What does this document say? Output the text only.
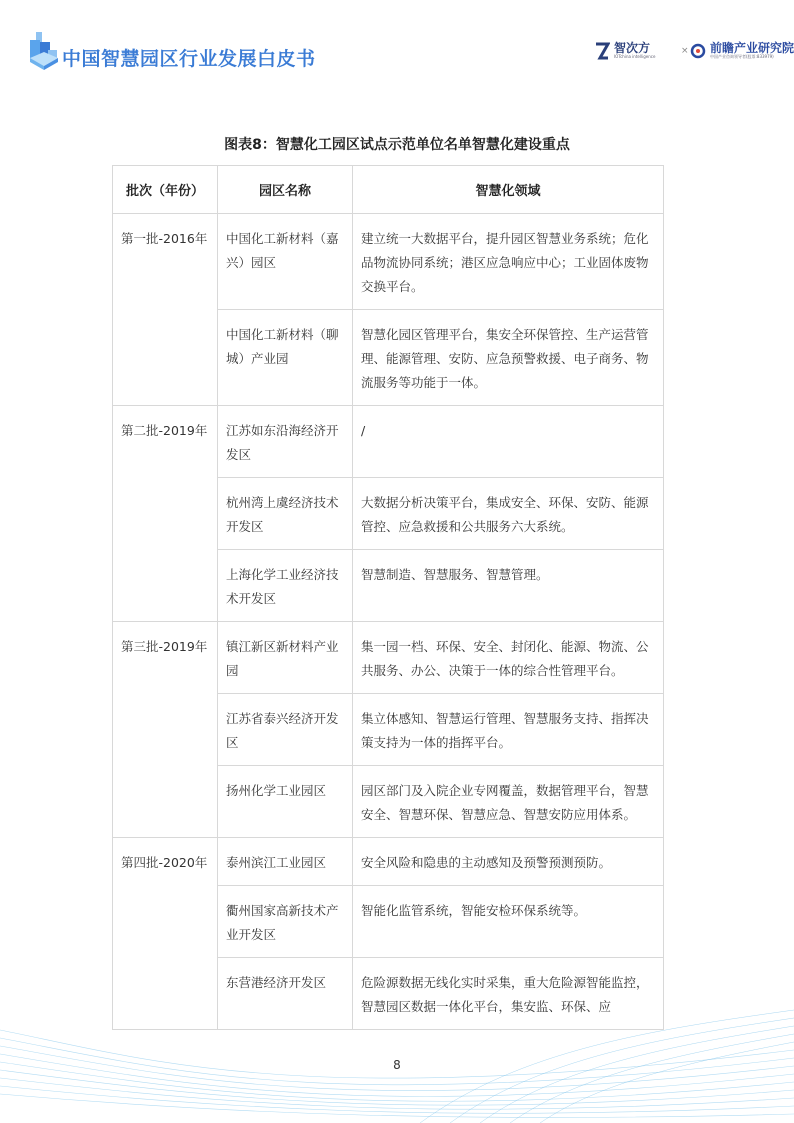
中国智慧园区行业发展白皮书	智次方
IOTchina intelligence
× 前瞻产业研究院
中国产业咨询领导者(股票:833979)
图表8：智慧化工园区试点示范单位名单智慧化建设重点
批次（年份）	园区名称	智慧化领域
第一批-2016年	中国化工新材料（嘉兴）园区	建立统一大数据平台，提升园区智慧业务系统；危化品物流协同系统；港区应急响应中心；工业固体废物交换平台。
	中国化工新材料（聊城）产业园	智慧化园区管理平台，集安全环保管控、生产运营管理、能源管理、安防、应急预警救援、电子商务、物流服务等功能于一体。
第二批-2019年	江苏如东沿海经济开发区	/
	杭州湾上虞经济技术开发区	大数据分析决策平台，集成安全、环保、安防、能源管控、应急救援和公共服务六大系统。
	上海化学工业经济技术开发区	智慧制造、智慧服务、智慧管理。
第三批-2019年	镇江新区新材料产业园	集一园一档、环保、安全、封闭化、能源、物流、公共服务、办公、决策于一体的综合性管理平台。
	江苏省泰兴经济开发区	集立体感知、智慧运行管理、智慧服务支持、指挥决策支持为一体的指挥平台。
	扬州化学工业园区	园区部门及入院企业专网覆盖，数据管理平台，智慧安全、智慧环保、智慧应急、智慧安防应用体系。
第四批-2020年	泰州滨江工业园区	安全风险和隐患的主动感知及预警预测预防。
	衢州国家高新技术产业开发区	智能化监管系统，智能安检环保系统等。
	东营港经济开发区	危险源数据无线化实时采集，重大危险源智能监控，智慧园区数据一体化平台，集安监、环保、应
8
